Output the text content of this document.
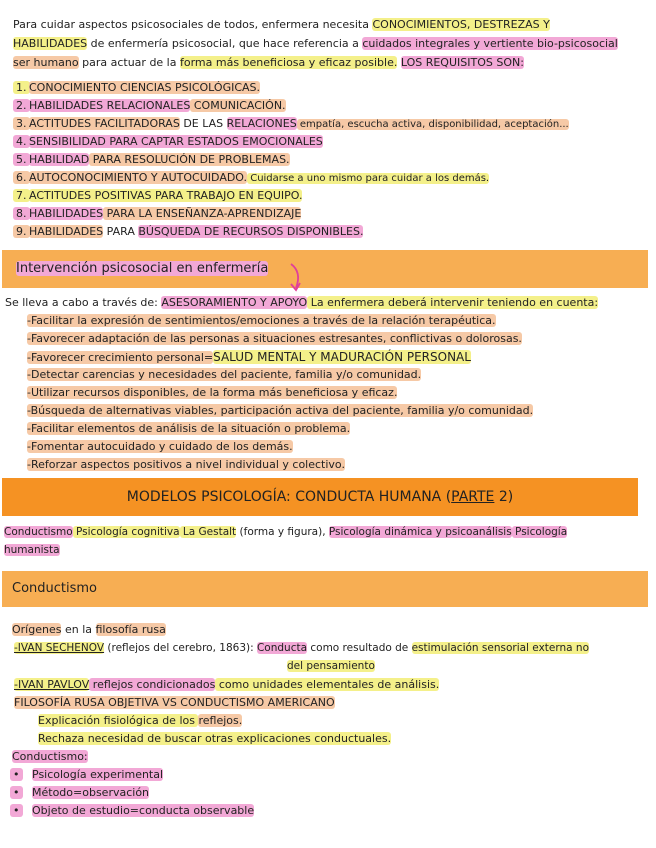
Para cuidar aspectos psicosociales de todos, enfermera necesita CONOCIMIENTOS, DESTREZAS Y
HABILIDADES de enfermería psicosocial, que hace referencia a cuidados integrales y vertiente bio-psicosocial
ser humano para actuar de la forma más beneficiosa y eficaz posible. LOS REQUISITOS SON:
1. CONOCIMIENTO CIENCIAS PSICOLÓGICAS.
2. HABILIDADES RELACIONALES COMUNICACIÓN.
3. ACTITUDES FACILITADORAS DE LAS RELACIONES empatía, escucha activa, disponibilidad, aceptación...
4. SENSIBILIDAD PARA CAPTAR ESTADOS EMOCIONALES
5. HABILIDAD PARA RESOLUCIÓN DE PROBLEMAS.
6. AUTOCONOCIMIENTO Y AUTOCUIDADO. Cuidarse a uno mismo para cuidar a los demás.
7. ACTITUDES POSITIVAS PARA TRABAJO EN EQUIPO.
8. HABILIDADES PARA LA ENSEÑANZA-APRENDIZAJE
9. HABILIDADES PARA BÚSQUEDA DE RECURSOS DISPONIBLES.
Intervención psicosocial en enfermería
Se lleva a cabo a través de: ASESORAMIENTO Y APOYO La enfermera deberá intervenir teniendo en cuenta:
-Facilitar la expresión de sentimientos/emociones a través de la relación terapéutica.
-Favorecer adaptación de las personas a situaciones estresantes, conflictivas o dolorosas.
-Favorecer crecimiento personal=SALUD MENTAL Y MADURACIÓN PERSONAL
-Detectar carencias y necesidades del paciente, familia y/o comunidad.
-Utilizar recursos disponibles, de la forma más beneficiosa y eficaz.
-Búsqueda de alternativas viables, participación activa del paciente, familia y/o comunidad.
-Facilitar elementos de análisis de la situación o problema.
-Fomentar autocuidado y cuidado de los demás.
-Reforzar aspectos positivos a nivel individual y colectivo.
MODELOS PSICOLOGÍA: CONDUCTA HUMANA (PARTE 2)
Conductismo Psicología cognitiva La Gestalt (forma y figura), Psicología dinámica y psicoanálisis Psicología
humanista
Conductismo
Orígenes en la filosofía rusa
-IVAN SECHENOV (reflejos del cerebro, 1863): Conducta como resultado de estimulación sensorial externa no
del pensamiento
-IVAN PAVLOV reflejos condicionados como unidades elementales de análisis.
FILOSOFÍA RUSA OBJETIVA VS CONDUCTISMO AMERICANO
Explicación fisiológica de los reflejos.
Rechaza necesidad de buscar otras explicaciones conductuales.
Conductismo:
• Psicología experimental
• Método=observación
• Objeto de estudio=conducta observable
